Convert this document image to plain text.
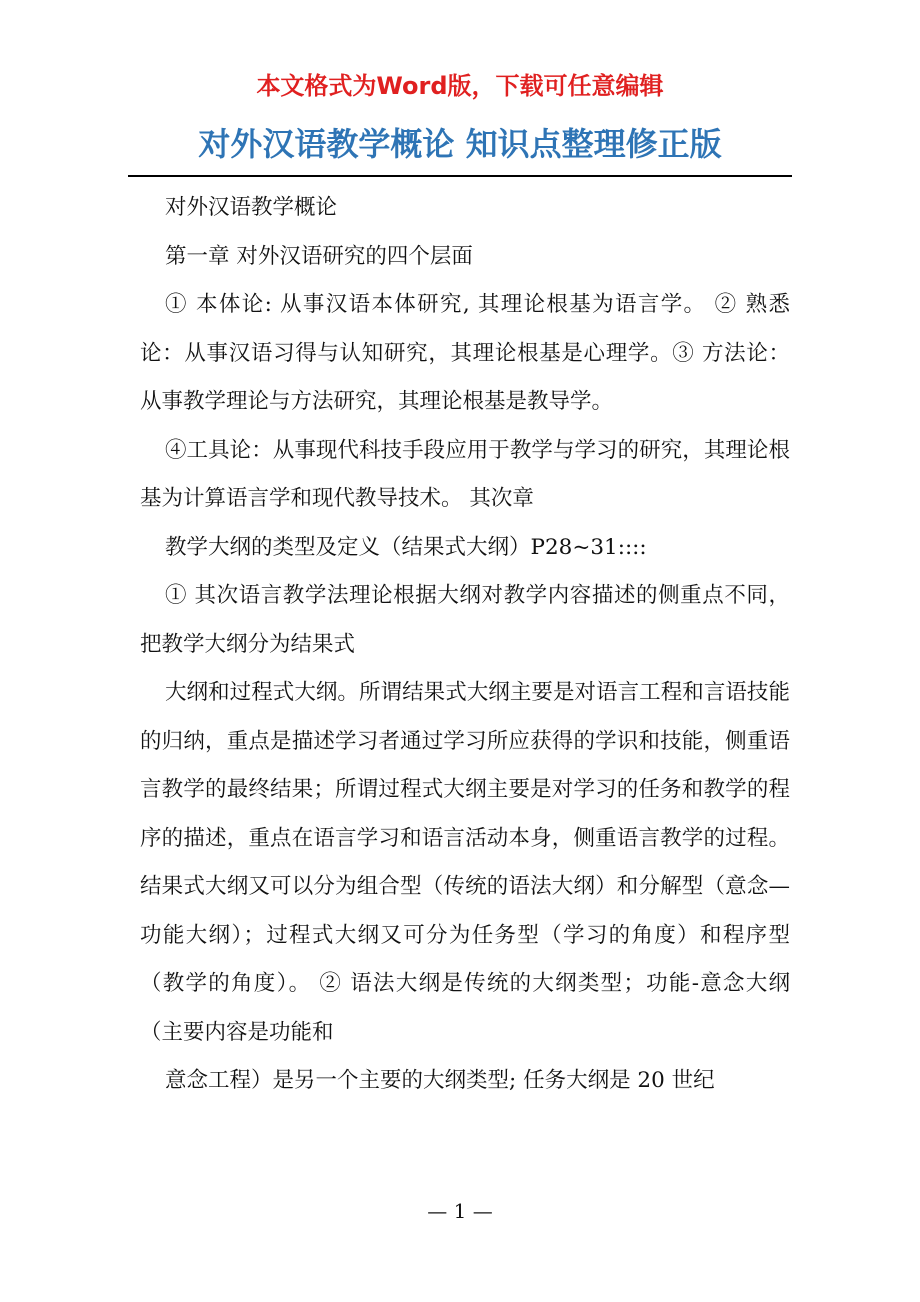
本文格式为Word版，下载可任意编辑
对外汉语教学概论 知识点整理修正版

对外汉语教学概论

第一章 对外汉语研究的四个层面

① 本体论: 从事汉语本体研究, 其理论根基为语言学。 ② 熟悉论：从事汉语习得与认知研究，其理论根基是心理学。③ 方法论：从事教学理论与方法研究，其理论根基是教导学。

④工具论：从事现代科技手段应用于教学与学习的研究，其理论根基为计算语言学和现代教导技术。 其次章

教学大纲的类型及定义（结果式大纲）P28~31::::

① 其次语言教学法理论根据大纲对教学内容描述的侧重点不同，把教学大纲分为结果式

大纲和过程式大纲。所谓结果式大纲主要是对语言工程和言语技能的归纳，重点是描述学习者通过学习所应获得的学识和技能，侧重语言教学的最终结果；所谓过程式大纲主要是对学习的任务和教学的程序的描述，重点在语言学习和语言活动本身，侧重语言教学的过程。结果式大纲又可以分为组合型（传统的语法大纲）和分解型（意念—功能大纲）；过程式大纲又可分为任务型（学习的角度）和程序型（教学的角度）。 ② 语法大纲是传统的大纲类型；功能-意念大纲（主要内容是功能和

意念工程）是另一个主要的大纲类型; 任务大纲是 20 世纪

— 1 —
